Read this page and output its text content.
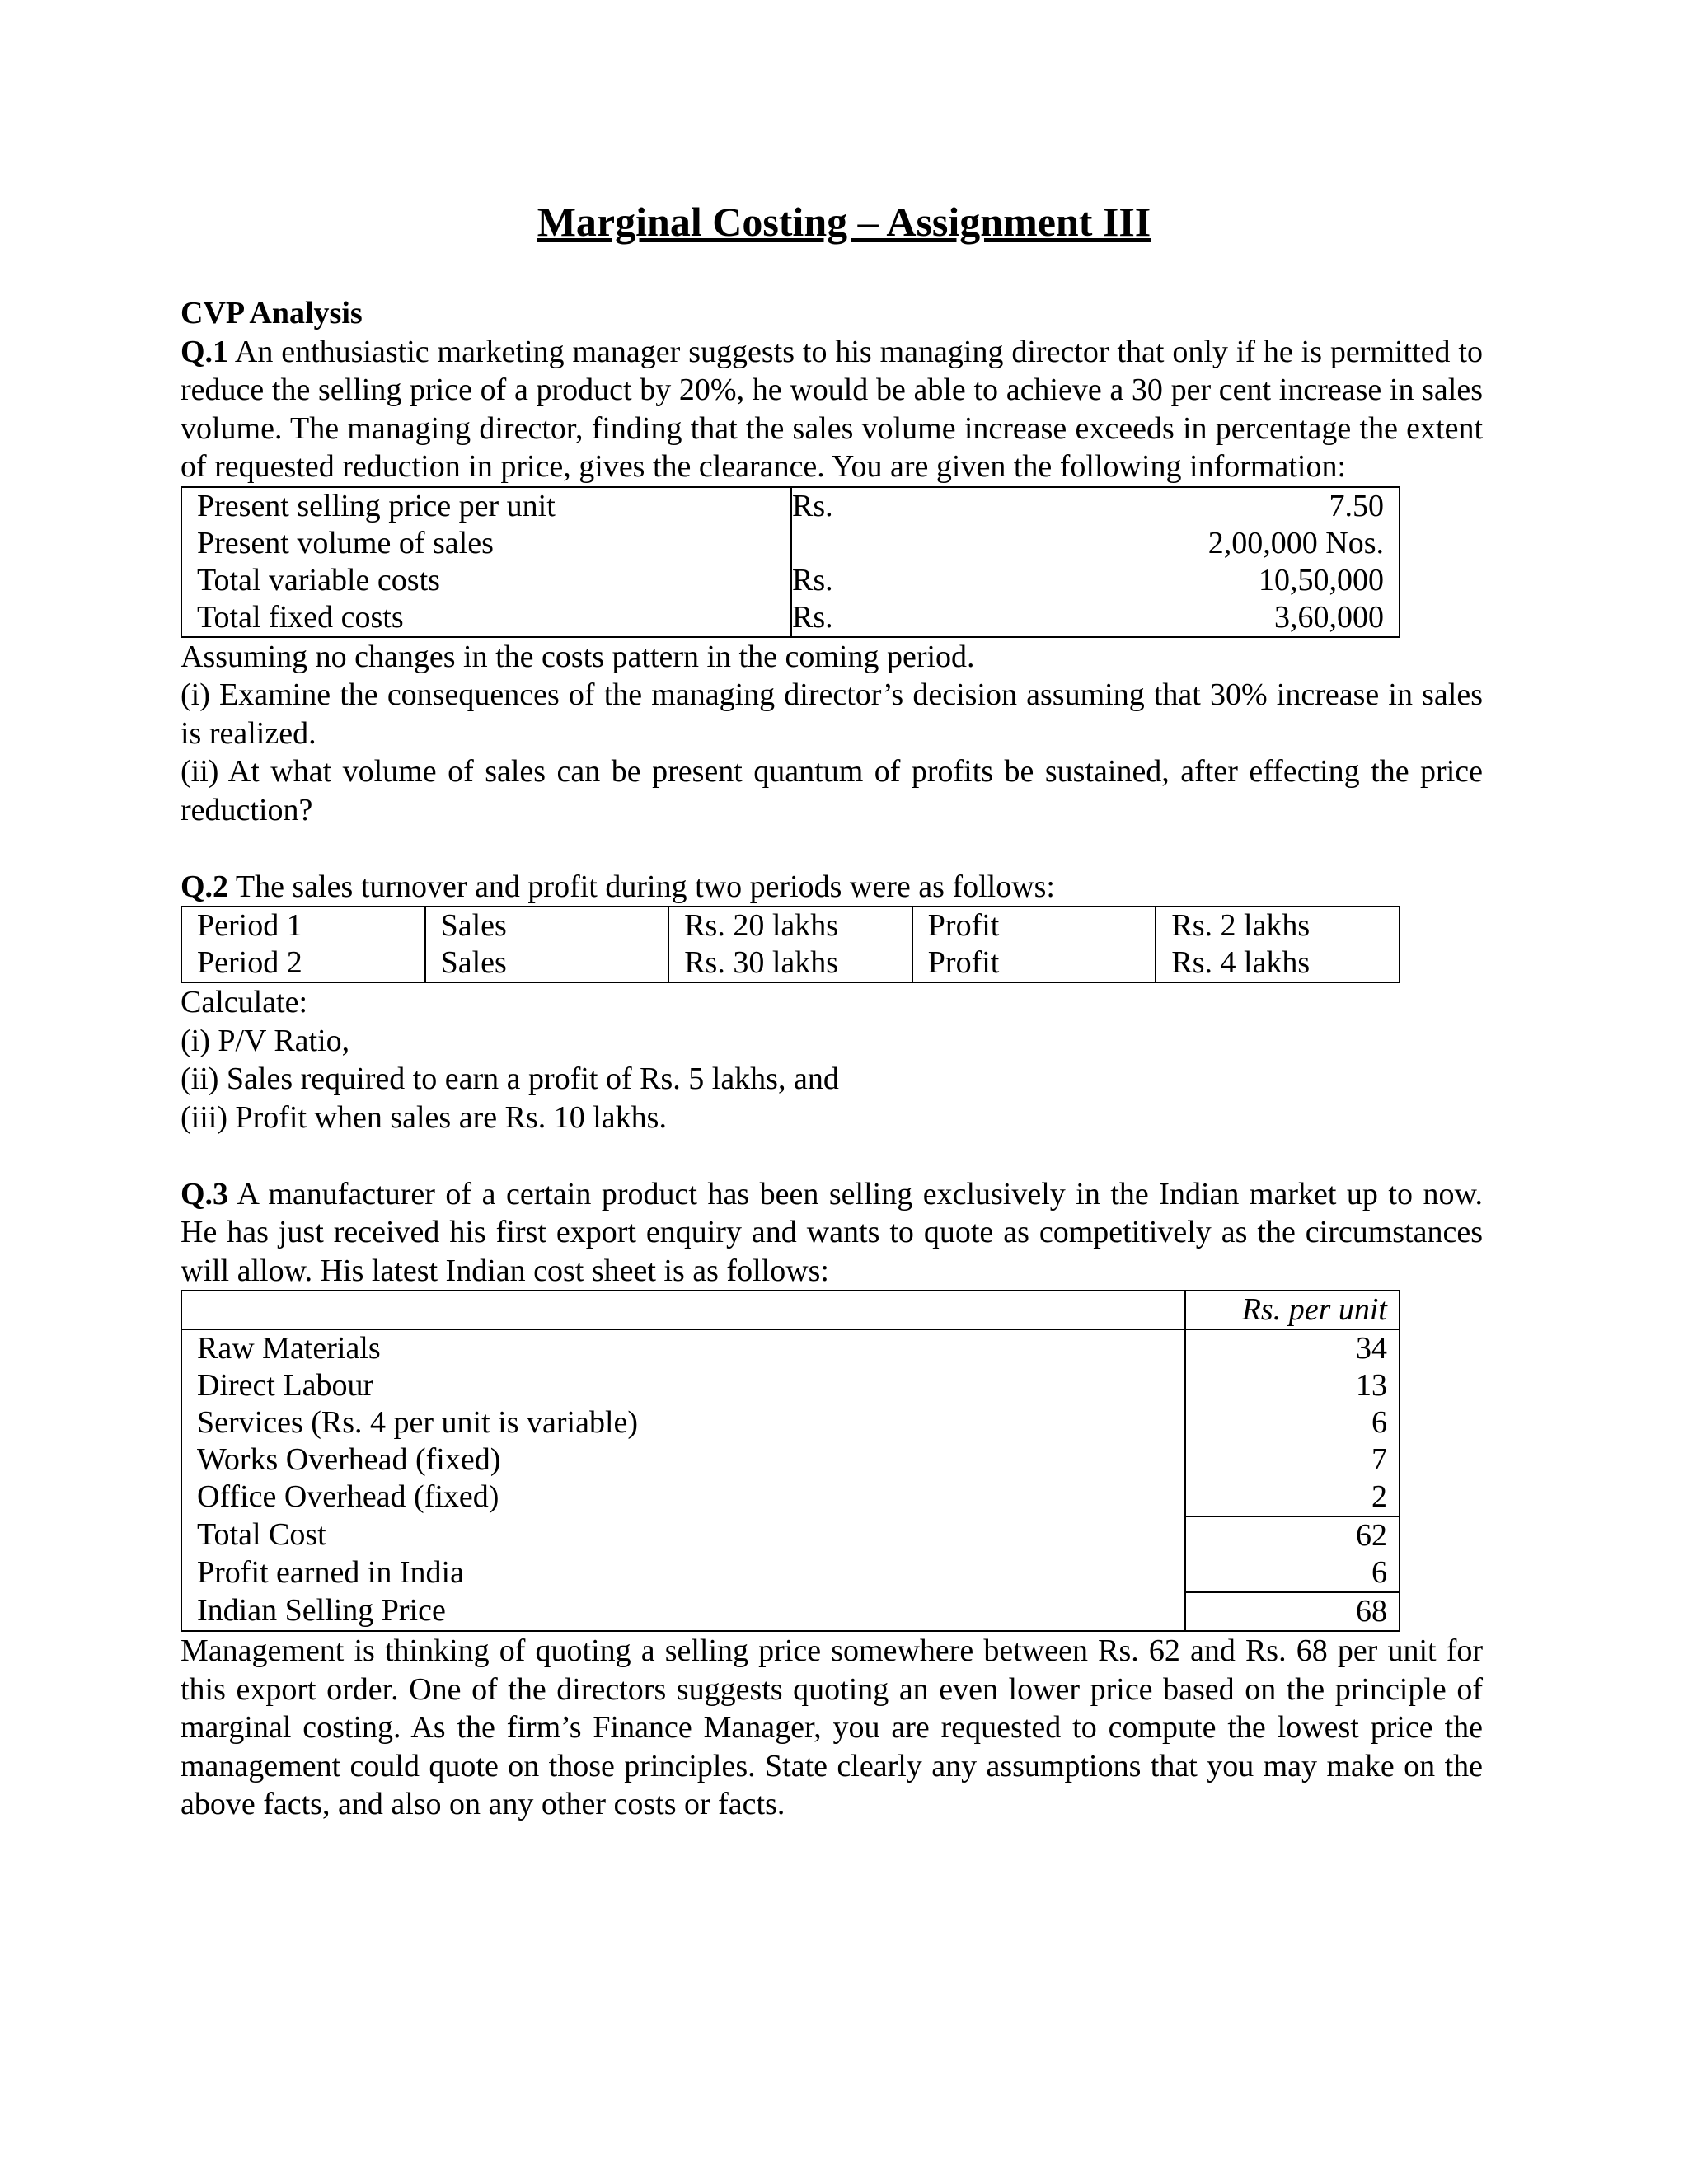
Marginal Costing – Assignment III

CVP Analysis

Q.1 An enthusiastic marketing manager suggests to his managing director that only if he is permitted to reduce the selling price of a product by 20%, he would be able to achieve a 30 per cent increase in sales volume. The managing director, finding that the sales volume increase exceeds in percentage the extent of requested reduction in price, gives the clearance. You are given the following information:

Present selling price per unit	Rs.	7.50
Present volume of sales		2,00,000 Nos.
Total variable costs	Rs.	10,50,000
Total fixed costs	Rs.	3,60,000

Assuming no changes in the costs pattern in the coming period.

(i) Examine the consequences of the managing director’s decision assuming that 30% increase in sales is realized.

(ii) At what volume of sales can be present quantum of profits be sustained, after effecting the price reduction?

Q.2 The sales turnover and profit during two periods were as follows:

Period 1	Sales	Rs. 20 lakhs	Profit	Rs. 2 lakhs
Period 2	Sales	Rs. 30 lakhs	Profit	Rs. 4 lakhs

Calculate:

(i) P/V Ratio,

(ii) Sales required to earn a profit of Rs. 5 lakhs, and

(iii) Profit when sales are Rs. 10 lakhs.

Q.3 A manufacturer of a certain product has been selling exclusively in the Indian market up to now. He has just received his first export enquiry and wants to quote as competitively as the circumstances will allow. His latest Indian cost sheet is as follows:

	Rs. per unit
Raw Materials	34
Direct Labour	13
Services (Rs. 4 per unit is variable)	6
Works Overhead (fixed)	7
Office Overhead (fixed)	2
Total Cost	62
Profit earned in India	6
Indian Selling Price	68

Management is thinking of quoting a selling price somewhere between Rs. 62 and Rs. 68 per unit for this export order. One of the directors suggests quoting an even lower price based on the principle of marginal costing. As the firm’s Finance Manager, you are requested to compute the lowest price the management could quote on those principles. State clearly any assumptions that you may make on the above facts, and also on any other costs or facts.
